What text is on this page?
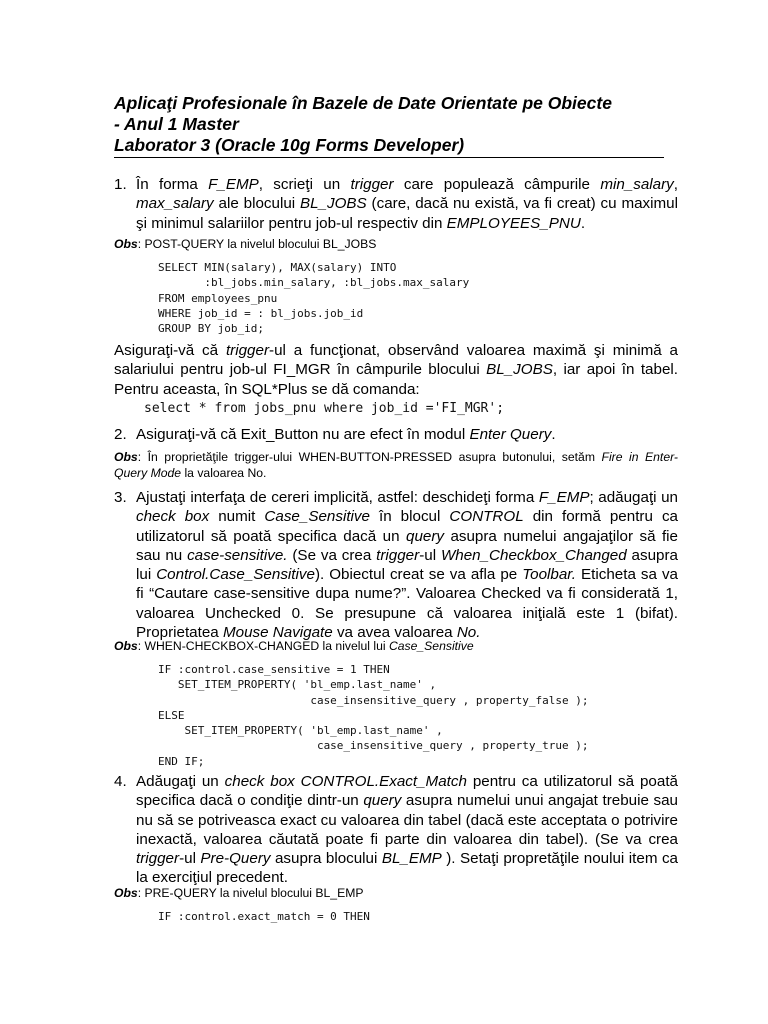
Aplicaţi Profesionale în Bazele de Date Orientate pe Obiecte
- Anul 1 Master
Laborator 3 (Oracle 10g Forms Developer)
1. În forma F_EMP, scrieţi un trigger care populează câmpurile min_salary, max_salary ale blocului BL_JOBS (care, dacă nu există, va fi creat) cu maximul şi minimul salariilor pentru job-ul respectiv din EMPLOYEES_PNU.
Obs: POST-QUERY la nivelul blocului BL_JOBS
SELECT MIN(salary), MAX(salary) INTO
:bl_jobs.min_salary, :bl_jobs.max_salary
FROM employees_pnu
WHERE job_id = : bl_jobs.job_id
GROUP BY job_id;
Asiguraţi-vă că trigger-ul a funcţionat, observând valoarea maximă şi minimă a salariului pentru job-ul FI_MGR în câmpurile blocului BL_JOBS, iar apoi în tabel. Pentru aceasta, în SQL*Plus se dă comanda:
select * from jobs_pnu where job_id ='FI_MGR';
2. Asiguraţi-vă că Exit_Button nu are efect în modul Enter Query.
Obs: În proprietăţile trigger-ului WHEN-BUTTON-PRESSED asupra butonului, setăm Fire in Enter-Query Mode la valoarea No.
3. Ajustaţi interfaţa de cereri implicită, astfel: deschideţi forma F_EMP; adăugaţi un check box numit Case_Sensitive în blocul CONTROL din formă pentru ca utilizatorul să poată specifica dacă un query asupra numelui angajaţilor să fie sau nu case-sensitive. (Se va crea trigger-ul When_Checkbox_Changed asupra lui Control.Case_Sensitive). Obiectul creat se va afla pe Toolbar. Eticheta sa va fi “Cautare case-sensitive dupa nume?”. Valoarea Checked va fi considerată 1, valoarea Unchecked 0. Se presupune că valoarea iniţială este 1 (bifat). Proprietatea Mouse Navigate va avea valoarea No.
Obs: WHEN-CHECKBOX-CHANGED la nivelul lui Case_Sensitive
IF :control.case_sensitive = 1 THEN
SET_ITEM_PROPERTY( 'bl_emp.last_name' ,
case_insensitive_query , property_false );
ELSE
SET_ITEM_PROPERTY( 'bl_emp.last_name' ,
case_insensitive_query , property_true );
END IF;
4. Adăugaţi un check box CONTROL.Exact_Match pentru ca utilizatorul să poată specifica dacă o condiţie dintr-un query asupra numelui unui angajat trebuie sau nu să se potriveasca exact cu valoarea din tabel (dacă este acceptata o potrivire inexactă, valoarea căutată poate fi parte din valoarea din tabel). (Se va crea trigger-ul Pre-Query asupra blocului BL_EMP ). Setaţi propretăţile noului item ca la exerciţiul precedent.
Obs: PRE-QUERY la nivelul blocului BL_EMP
IF :control.exact_match = 0 THEN
